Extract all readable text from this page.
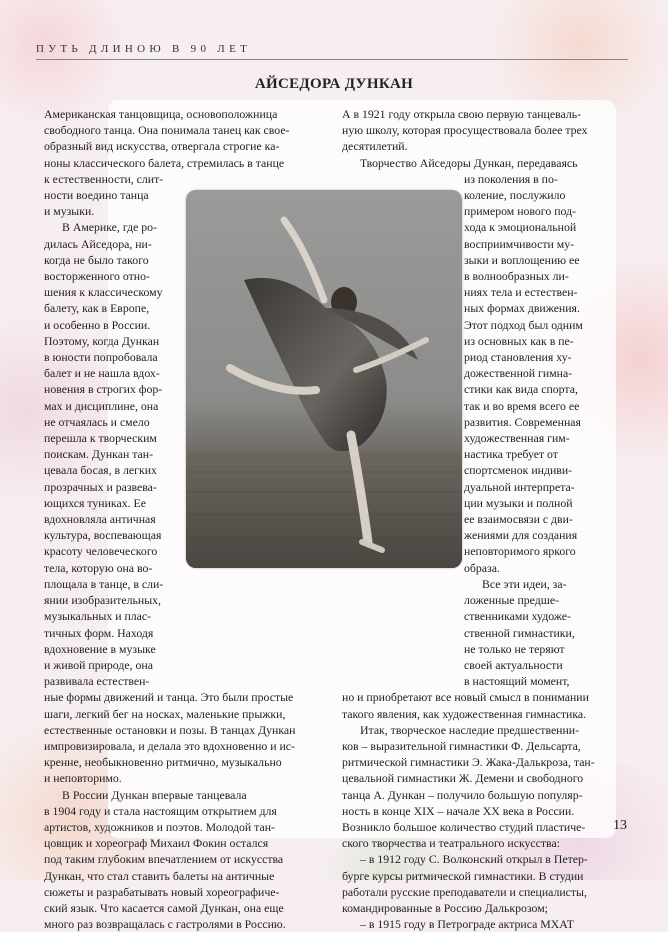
ПУТЬ ДЛИНОЮ В 90 ЛЕТ
АЙСЕДОРА ДУНКАН

Американская танцовщица, основоположница

свободного танца. Она понимала танец как свое-

образный вид искусства, отвергала строгие ка-

ноны классического балета, стремилась в танце

к естественности, слит-

ности воедино танца

и музыки.

В Америке, где ро-

дилась Айседора, ни-

когда не было такого

восторженного отно-

шения к классическому

балету, как в Европе,

и особенно в России.

Поэтому, когда Дункан

в юности попробовала

балет и не нашла вдох-

новения в строгих фор-

мах и дисциплине, она

не отчаялась и смело

перешла к творческим

поискам. Дункан тан-

цевала босая, в легких

прозрачных и развева-

ющихся туниках. Ее

вдохновляла античная

культура, воспевающая

красоту человеческого

тела, которую она во-

площала в танце, в сли-

янии изобразительных,

музыкальных и плас-

тичных форм. Находя

вдохновение в музыке

и живой природе, она

развивала естествен-

ные формы движений и танца. Это были простые

шаги, легкий бег на носках, маленькие прыжки,

естественные остановки и позы. В танцах Дункан

импровизировала, и делала это вдохновенно и ис-

кренне, необыкновенно ритмично, музыкально

и неповторимо.

В России Дункан впервые танцевала

в 1904 году и стала настоящим открытием для

артистов, художников и поэтов. Молодой тан-

цовщик и хореограф Михаил Фокин остался

под таким глубоким впечатлением от искусства

Дункан, что стал ставить балеты на античные

сюжеты и разрабатывать новый хореографиче-

ский язык. Что касается самой Дункан, она еще

много раз возвращалась с гастролями в Россию.

А в 1921 году открыла свою первую танцеваль-

ную школу, которая просуществовала более трех

десятилетий.

Творчество Айседоры Дункан, передаваясь

из поколения в по-

коление, послужило

примером нового под-

хода к эмоциональной

восприимчивости му-

зыки и воплощению ее

в волнообразных ли-

ниях тела и естествен-

ных формах движения.

Этот подход был одним

из основных как в пе-

риод становления ху-

дожественной гимна-

стики как вида спорта,

так и во время всего ее

развития. Современная

художественная гим-

настика требует от

спортсменок индиви-

дуальной интерпрета-

ции музыки и полной

ее взаимосвязи с дви-

жениями для создания

неповторимого яркого

образа.

Все эти идеи, за-

ложенные предше-

ственниками художе-

ственной гимнастики,

не только не теряют

своей актуальности

в настоящий момент,

но и приобретают все новый смысл в понимании

такого явления, как художественная гимнастика.

Итак, творческое наследие предшественни-

ков – выразительной гимнастики Ф. Дельсарта,

ритмической гимнастики Э. Жака-Далькроза, тан-

цевальной гимнастики Ж. Демени и свободного

танца А. Дункан – получило большую популяр-

ность в конце XIX – начале XX века в России.

Возникло большое количество студий пластиче-

ского творчества и театрального искусства:

– в 1912 году С. Волконский открыл в Петер-

бурге курсы ритмической гимнастики. В студии

работали русские преподаватели и специалисты,

командированные в Россию Далькрозом;

– в 1915 году в Петрограде актриса МХАТ

13
